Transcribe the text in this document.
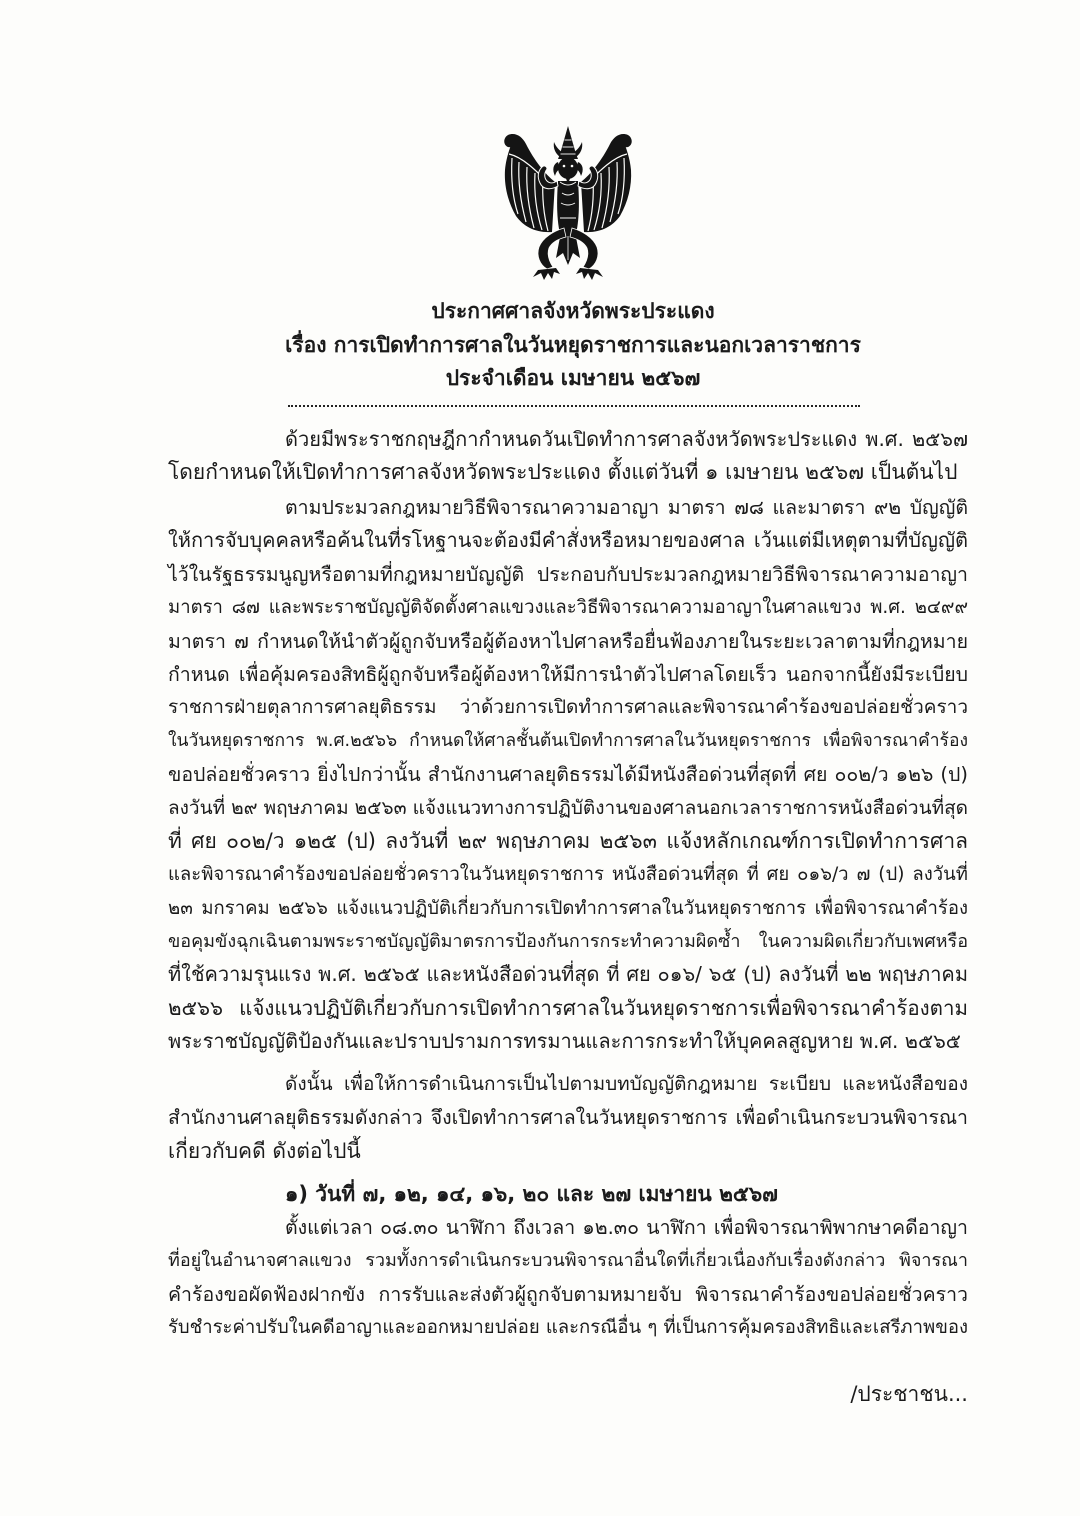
ประกาศศาลจังหวัดพระประแดง
เรื่อง การเปิดทำการศาลในวันหยุดราชการและนอกเวลาราชการ
ประจำเดือน เมษายน ๒๕๖๗
ด้วยมีพระราชกฤษฎีกากำหนดวันเปิดทำการศาลจังหวัดพระประแดง พ.ศ. ๒๕๖๗
โดยกำหนดให้เปิดทำการศาลจังหวัดพระประแดง ตั้งแต่วันที่ ๑ เมษายน ๒๕๖๗ เป็นต้นไป
ตามประมวลกฎหมายวิธีพิจารณาความอาญา มาตรา ๗๘ และมาตรา ๙๒ บัญญัติ
ให้การจับบุคคลหรือค้นในที่รโหฐานจะต้องมีคำสั่งหรือหมายของศาล เว้นแต่มีเหตุตามที่บัญญัติ
ไว้ในรัฐธรรมนูญหรือตามที่กฎหมายบัญญัติ ประกอบกับประมวลกฎหมายวิธีพิจารณาความอาญา
มาตรา ๘๗ และพระราชบัญญัติจัดตั้งศาลแขวงและวิธีพิจารณาความอาญาในศาลแขวง พ.ศ. ๒๔๙๙
มาตรา ๗ กำหนดให้นำตัวผู้ถูกจับหรือผู้ต้องหาไปศาลหรือยื่นฟ้องภายในระยะเวลาตามที่กฎหมาย
กำหนด เพื่อคุ้มครองสิทธิผู้ถูกจับหรือผู้ต้องหาให้มีการนำตัวไปศาลโดยเร็ว นอกจากนี้ยังมีระเบียบ
ราชการฝ่ายตุลาการศาลยุติธรรม ว่าด้วยการเปิดทำการศาลและพิจารณาคำร้องขอปล่อยชั่วคราว
ในวันหยุดราชการ พ.ศ.๒๕๖๖ กำหนดให้ศาลชั้นต้นเปิดทำการศาลในวันหยุดราชการ เพื่อพิจารณาคำร้อง
ขอปล่อยชั่วคราว ยิ่งไปกว่านั้น สำนักงานศาลยุติธรรมได้มีหนังสือด่วนที่สุดที่ ศย ๐๐๒/ว ๑๒๖ (ป)
ลงวันที่ ๒๙ พฤษภาคม ๒๕๖๓ แจ้งแนวทางการปฏิบัติงานของศาลนอกเวลาราชการหนังสือด่วนที่สุด
ที่ ศย ๐๐๒/ว ๑๒๕ (ป) ลงวันที่ ๒๙ พฤษภาคม ๒๕๖๓ แจ้งหลักเกณฑ์การเปิดทำการศาล
และพิจารณาคำร้องขอปล่อยชั่วคราวในวันหยุดราชการ หนังสือด่วนที่สุด ที่ ศย ๐๑๖/ว ๗ (ป) ลงวันที่
๒๓ มกราคม ๒๕๖๖ แจ้งแนวปฏิบัติเกี่ยวกับการเปิดทำการศาลในวันหยุดราชการ เพื่อพิจารณาคำร้อง
ขอคุมขังฉุกเฉินตามพระราชบัญญัติมาตรการป้องกันการกระทำความผิดซ้ำ ในความผิดเกี่ยวกับเพศหรือ
ที่ใช้ความรุนแรง พ.ศ. ๒๕๖๕ และหนังสือด่วนที่สุด ที่ ศย ๐๑๖/ ๖๕ (ป) ลงวันที่ ๒๒ พฤษภาคม
๒๕๖๖ แจ้งแนวปฏิบัติเกี่ยวกับการเปิดทำการศาลในวันหยุดราชการเพื่อพิจารณาคำร้องตาม
พระราชบัญญัติป้องกันและปราบปรามการทรมานและการกระทำให้บุคคลสูญหาย พ.ศ. ๒๕๖๕
ดังนั้น เพื่อให้การดำเนินการเป็นไปตามบทบัญญัติกฎหมาย ระเบียบ และหนังสือของ
สำนักงานศาลยุติธรรมดังกล่าว จึงเปิดทำการศาลในวันหยุดราชการ เพื่อดำเนินกระบวนพิจารณา
เกี่ยวกับคดี ดังต่อไปนี้
๑) วันที่ ๗, ๑๒, ๑๔, ๑๖, ๒๐ และ ๒๗ เมษายน ๒๕๖๗
ตั้งแต่เวลา ๐๘.๓๐ นาฬิกา ถึงเวลา ๑๒.๓๐ นาฬิกา เพื่อพิจารณาพิพากษาคดีอาญา
ที่อยู่ในอำนาจศาลแขวง รวมทั้งการดำเนินกระบวนพิจารณาอื่นใดที่เกี่ยวเนื่องกับเรื่องดังกล่าว พิจารณา
คำร้องขอผัดฟ้องฝากขัง การรับและส่งตัวผู้ถูกจับตามหมายจับ พิจารณาคำร้องขอปล่อยชั่วคราว
รับชำระค่าปรับในคดีอาญาและออกหมายปล่อย และกรณีอื่น ๆ ที่เป็นการคุ้มครองสิทธิและเสรีภาพของ
/ประชาชน...
